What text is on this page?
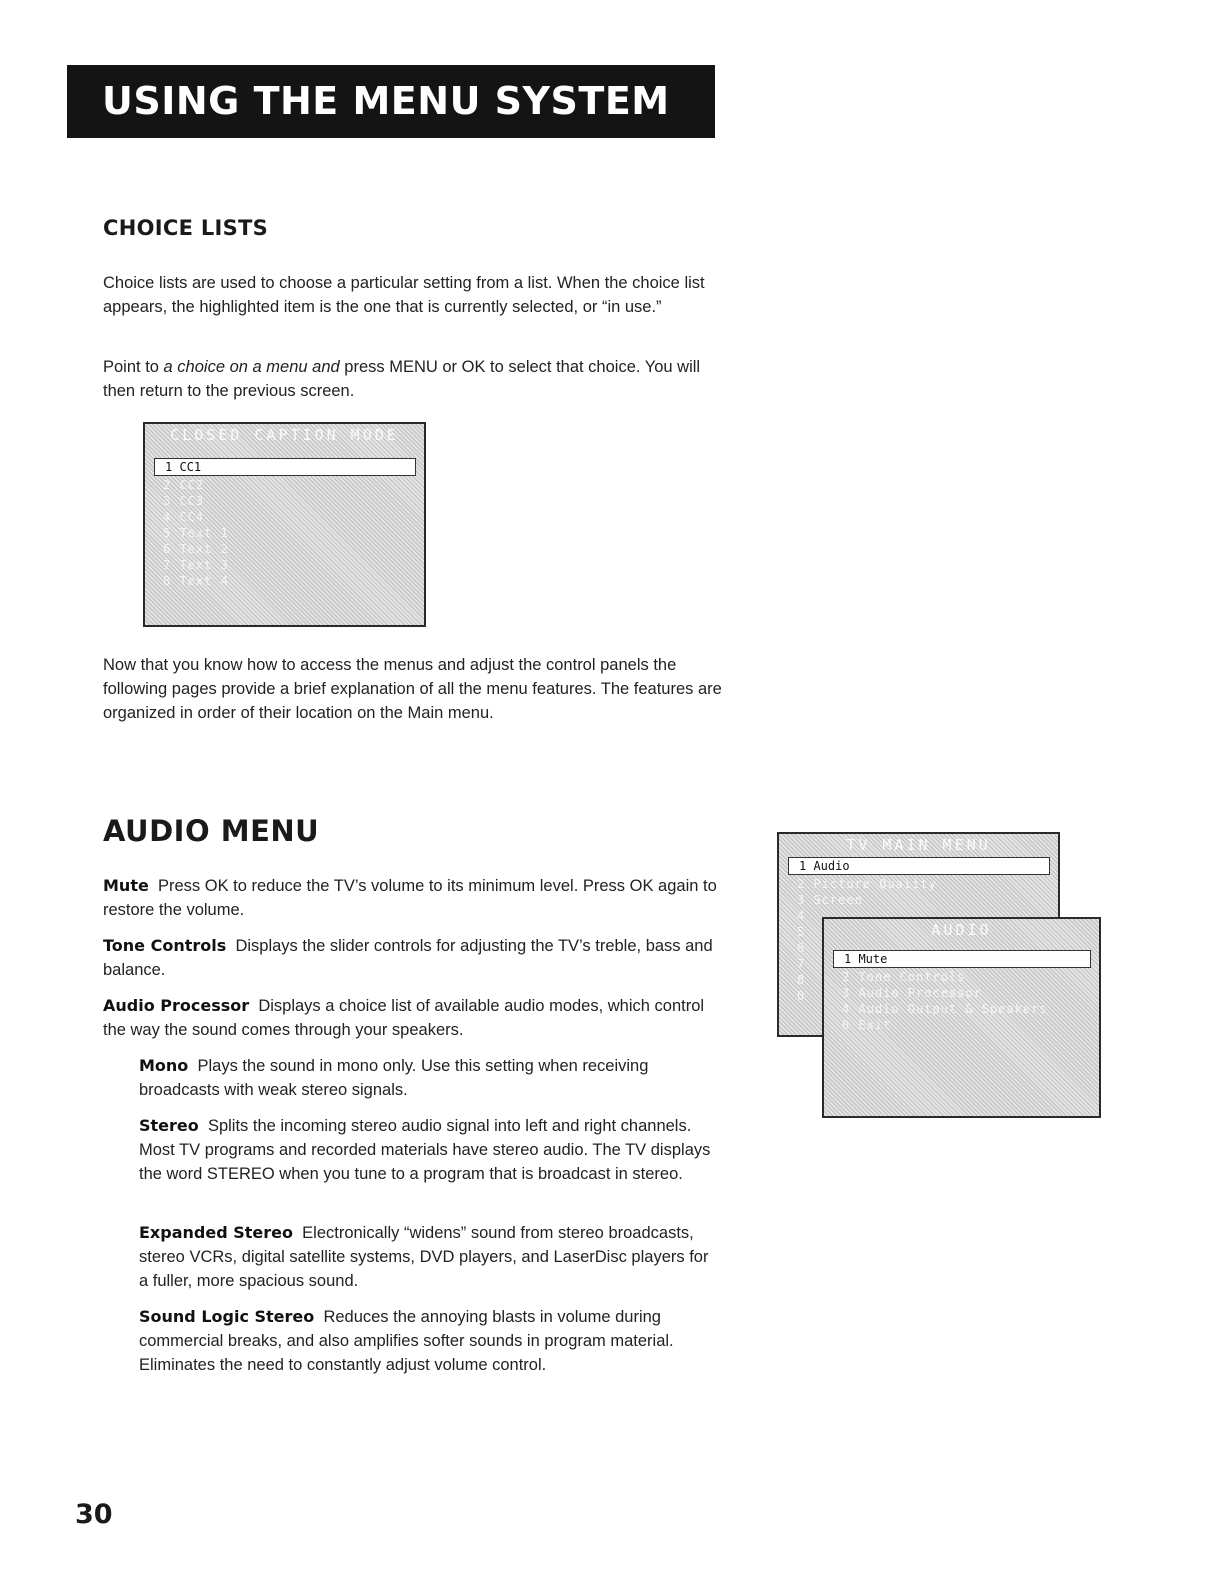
USING THE MENU SYSTEM
CHOICE LISTS

Choice lists are used to choose a particular setting from a list. When the choice list appears, the highlighted item is the one that is currently selected, or “in use.”

Point to a choice on a menu and press MENU or OK to select that choice. You will then return to the previous screen.

CLOSED CAPTION MODE
1 CC1
2 CC2
3 CC3
4 CC4
5 Text 1
6 Text 2
7 Text 3
8 Text 4

Now that you know how to access the menus and adjust the control panels the following pages provide a brief explanation of all the menu features. The features are organized in order of their location on the Main menu.

AUDIO MENU

Mute Press OK to reduce the TV’s volume to its minimum level. Press OK again to restore the volume.

Tone Controls Displays the slider controls for adjusting the TV’s treble, bass and balance.

Audio Processor Displays a choice list of available audio modes, which control the way the sound comes through your speakers.

Mono Plays the sound in mono only. Use this setting when receiving broadcasts with weak stereo signals.

Stereo Splits the incoming stereo audio signal into left and right channels. Most TV programs and recorded materials have stereo audio. The TV displays the word STEREO when you tune to a program that is broadcast in stereo.

Expanded Stereo Electronically “widens” sound from stereo broadcasts, stereo VCRs, digital satellite systems, DVD players, and LaserDisc players for a fuller, more spacious sound.

Sound Logic Stereo Reduces the annoying blasts in volume during commercial breaks, and also amplifies softer sounds in program material. Eliminates the need to constantly adjust volume control.

TV MAIN MENU
1 Audio
2 Picture Quality
3 Screen
4
5
6
7
8
0
AUDIO
1 Mute
2 Tone Controls
3 Audio Processor
4 Audio Output & Speakers
0 Exit
30
